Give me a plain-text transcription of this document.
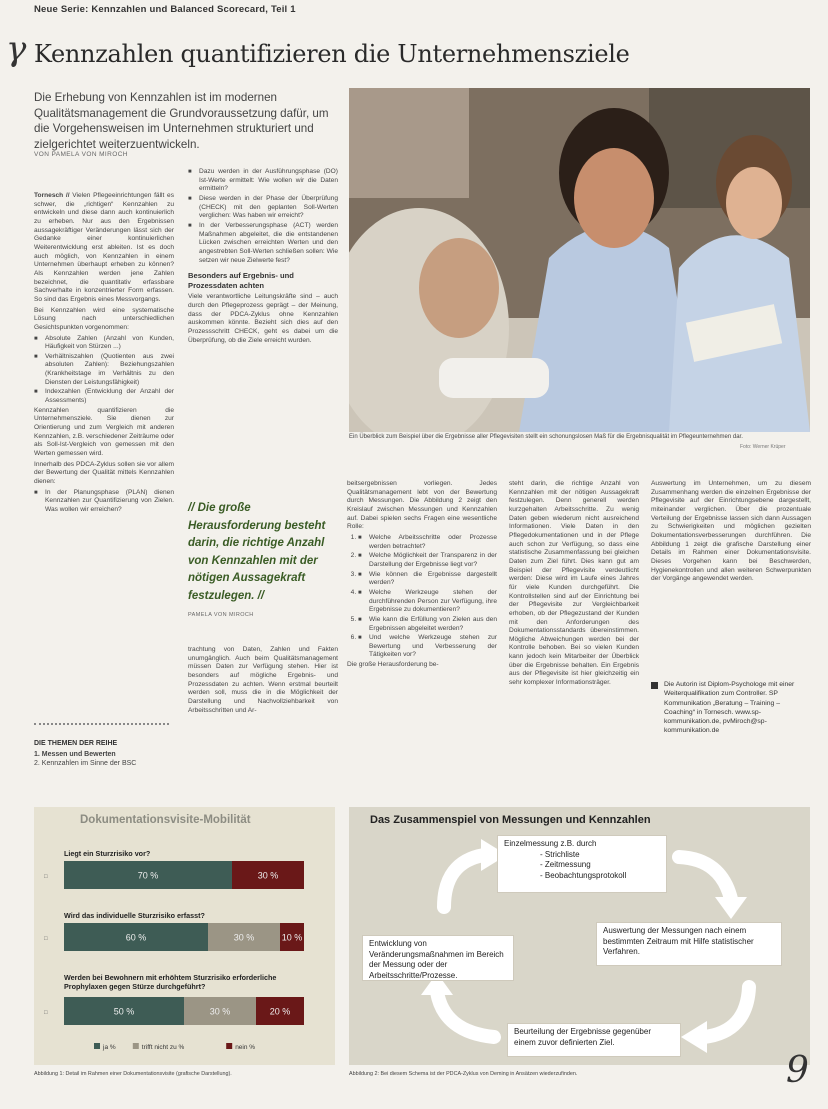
Neue Serie: Kennzahlen und Balanced Scorecard, Teil 1
γ Kennzahlen quantifizieren die Unternehmensziele
Die Erhebung von Kennzahlen ist im modernen Qualitätsmanagement die Grundvoraussetzung dafür, um die Vorgehensweisen im Unternehmen strukturiert und zielgerichtet weiterzuentwickeln.
VON PAMELA VON MIROCH

Tornesch // Vielen Pflegeeinrichtungen fällt es schwer, die „richtigen“ Kennzahlen zu entwickeln und diese dann auch kontinuierlich zu erheben. Nur aus den Ergebnissen aussagekräftiger Veränderungen lässt sich der Gedanke einer kontinuierlichen Weiterentwicklung erst ableiten. Ist es doch auch möglich, von Kennzahlen in einem Unternehmen überhaupt erheben zu können? Als Kennzahlen werden jene Zahlen bezeichnet, die quantitativ erfassbare Sachverhalte in konzentrierter Form erfassen. So sind das Ergebnis eines Messvorgangs.

Bei Kennzahlen wird eine systematische Lösung nach unterschiedlichen Gesichtspunkten vorgenommen:

■ Absolute Zahlen (Anzahl von Kunden, Häufigkeit von Stürzen ...)
■ Verhältniszahlen (Quotienten aus zwei absoluten Zahlen): Beziehungszahlen (Krankheitstage im Verhältnis zu den Diensten der Leistungsfähigkeit)
■ Indexzahlen (Entwicklung der Anzahl der Assessments)

Kennzahlen quantifizieren die Unternehmensziele. Sie dienen zur Orientierung und zum Vergleich mit anderen Kennzahlen, z.B. verschiedener Zeiträume oder als Soll-Ist-Vergleich von gemessen mit den Werten gemessen wird.

Innerhalb des PDCA-Zyklus sollen sie vor allem der Bewertung der Qualität mittels Kennzahlen dienen:

■ In der Planungsphase (PLAN) dienen Kennzahlen zur Quantifizierung von Zielen. Was wollen wir erreichen?
■ Dazu werden in der Ausführungsphase (DO) Ist-Werte ermittelt: Wie wollen wir die Daten ermitteln?
■ Diese werden in der Phase der Überprüfung (CHECK) mit den geplanten Soll-Werten verglichen: Was haben wir erreicht?
■ In der Verbesserungsphase (ACT) werden Maßnahmen abgeleitet, die die entstandenen Lücken zwischen erreichten Werten und den angestrebten Soll-Werten schließen sollen: Wie setzen wir neue Zielwerte fest?
Besonders auf Ergebnis- und Prozessdaten achten

Viele verantwortliche Leitungskräfte sind – auch durch den Pflegeprozess geprägt – der Meinung, dass der PDCA-Zyklus ohne Kennzahlen auskommen könnte. Bezieht sich dies auf den Prozessschritt CHECK, geht es dabei um die Überprüfung, ob die Ziele erreicht wurden.

Ein Überblick zum Beispiel über die Ergebnisse aller Pflegevisiten stellt ein schonungslosen Maß für die Ergebnisqualität im Pflegeunternehmen dar.
Foto: Werner Krüper
// Die große Herausforderung besteht darin, die richtige Anzahl von Kennzahlen mit der nötigen Aussagekraft festzulegen. //
PAMELA VON MIROCH

trachtung von Daten, Zahlen und Fakten unumgänglich. Auch beim Qualitätsmanagement müssen Daten zur Verfügung stehen. Hier ist besonders auf mögliche Ergebnis- und Prozessdaten zu achten. Wenn erstmal beurteilt werden soll, muss die in die Möglichkeit der Darstellung und Nachvollziehbarkeit von Arbeitsschritten und Ar-

beitsergebnissen vorliegen. Jedes Qualitätsmanagement lebt von der Bewertung durch Messungen. Die Abbildung 2 zeigt den Kreislauf zwischen Messungen und Kennzahlen auf. Dabei spielen sechs Fragen eine wesentliche Rolle:

■ 1. Welche Arbeitsschritte oder Prozesse werden betrachtet?
■ 2. Welche Möglichkeit der Transparenz in der Darstellung der Ergebnisse liegt vor?
■ 3. Wie können die Ergebnisse dargestellt werden?
■ 4. Welche Werkzeuge stehen der durchführenden Person zur Verfügung, ihre Ergebnisse zu dokumentieren?
■ 5. Wie kann die Erfüllung von Zielen aus den Ergebnissen abgeleitet werden?
■ 6. Und welche Werkzeuge stehen zur Bewertung und Verbesserung der Tätigkeiten vor?

Die große Herausforderung be-

steht darin, die richtige Anzahl von Kennzahlen mit der nötigen Aussagekraft festzulegen. Denn generell werden kurzgehalten Arbeitsschritte. Zu wenig Daten geben wiederum nicht ausreichend Informationen. Viele Daten in den Pflegedokumentationen und in der Pflege auch schon zur Verfügung, so dass eine statistische Zusammenfassung bei gleichen Daten zum Ziel führt. Dies kann gut am Beispiel der Pflegevisite verdeutlicht werden: Diese wird im Laufe eines Jahres für viele Kunden durchgeführt. Die Kontrollstellen sind auf der Einrichtung bei der Pflegevisite zur Vergleichbarkeit erhoben, ob der Pflegezustand der Kunden mit den Anforderungen des Dokumentationsstandards übereinstimmen. Mögliche Abweichungen werden bei der Kontrolle behoben. Bei so vielen Kunden kann jedoch kein Mitarbeiter der Überblick über die Ergebnisse behalten. Ein Ergebnis aus der Pflegevisite ist hier gleichzeitig ein sehr komplexer Informationsträger.

Auswertung im Unternehmen, um zu diesem Zusammenhang werden die einzelnen Ergebnisse der Pflegevisite auf der Einrichtungsebene dargestellt, miteinander verglichen. Über die prozentuale Verteilung der Ergebnisse lassen sich dann Aussagen zu Schwierigkeiten und möglichen gezielten Dokumentationsverbesserungen durchführen. Die Abbildung 1 zeigt die grafische Darstellung einer Details im Rahmen einer Dokumentationsvisite. Dieses Vorgehen kann bei Beschwerden, Hygienekontrollen und allen weiteren Schwerpunkten der Vorgänge angewendet werden.

Die Autorin ist Diplom-Psychologe mit einer Weiterqualifikation zum Controller. SP Kommunikation „Beratung – Training – Coaching“ in Tornesch. www.sp-kommunikation.de, pvMiroch@sp-kommunikation.de
DIE THEMEN DER REIHE
1. Messen und Bewerten
2. Kennzahlen im Sinne der BSC
Dokumentationsvisite-Mobilität
Liegt ein Sturzrisiko vor?
□	70 %	30 %
Wird das individuelle Sturzrisiko erfasst?
□	60 %	30 %	10 %
Werden bei Bewohnern mit erhöhtem Sturzrisiko erforderliche Prophylaxen gegen Stürze durchgeführt?
□	50 %	30 %	20 %
ja %	trifft nicht zu %	nein %
Abbildung 1: Detail im Rahmen einer Dokumentationsvisite (grafische Darstellung).
Das Zusammenspiel von Messungen und Kennzahlen
Einzelmessung z.B. durch
- Strichliste
- Zeitmessung
- Beobachtungsprotokoll
Entwicklung von Veränderungsmaßnahmen im Bereich der Messung oder der Arbeitsschritte/Prozesse.
Auswertung der Messungen nach einem bestimmten Zeitraum mit Hilfe statistischer Verfahren.
Beurteilung der Ergebnisse gegenüber einem zuvor definierten Ziel.
Abbildung 2: Bei diesem Schema ist der PDCA-Zyklus von Deming in Ansätzen wiederzufinden.	9
